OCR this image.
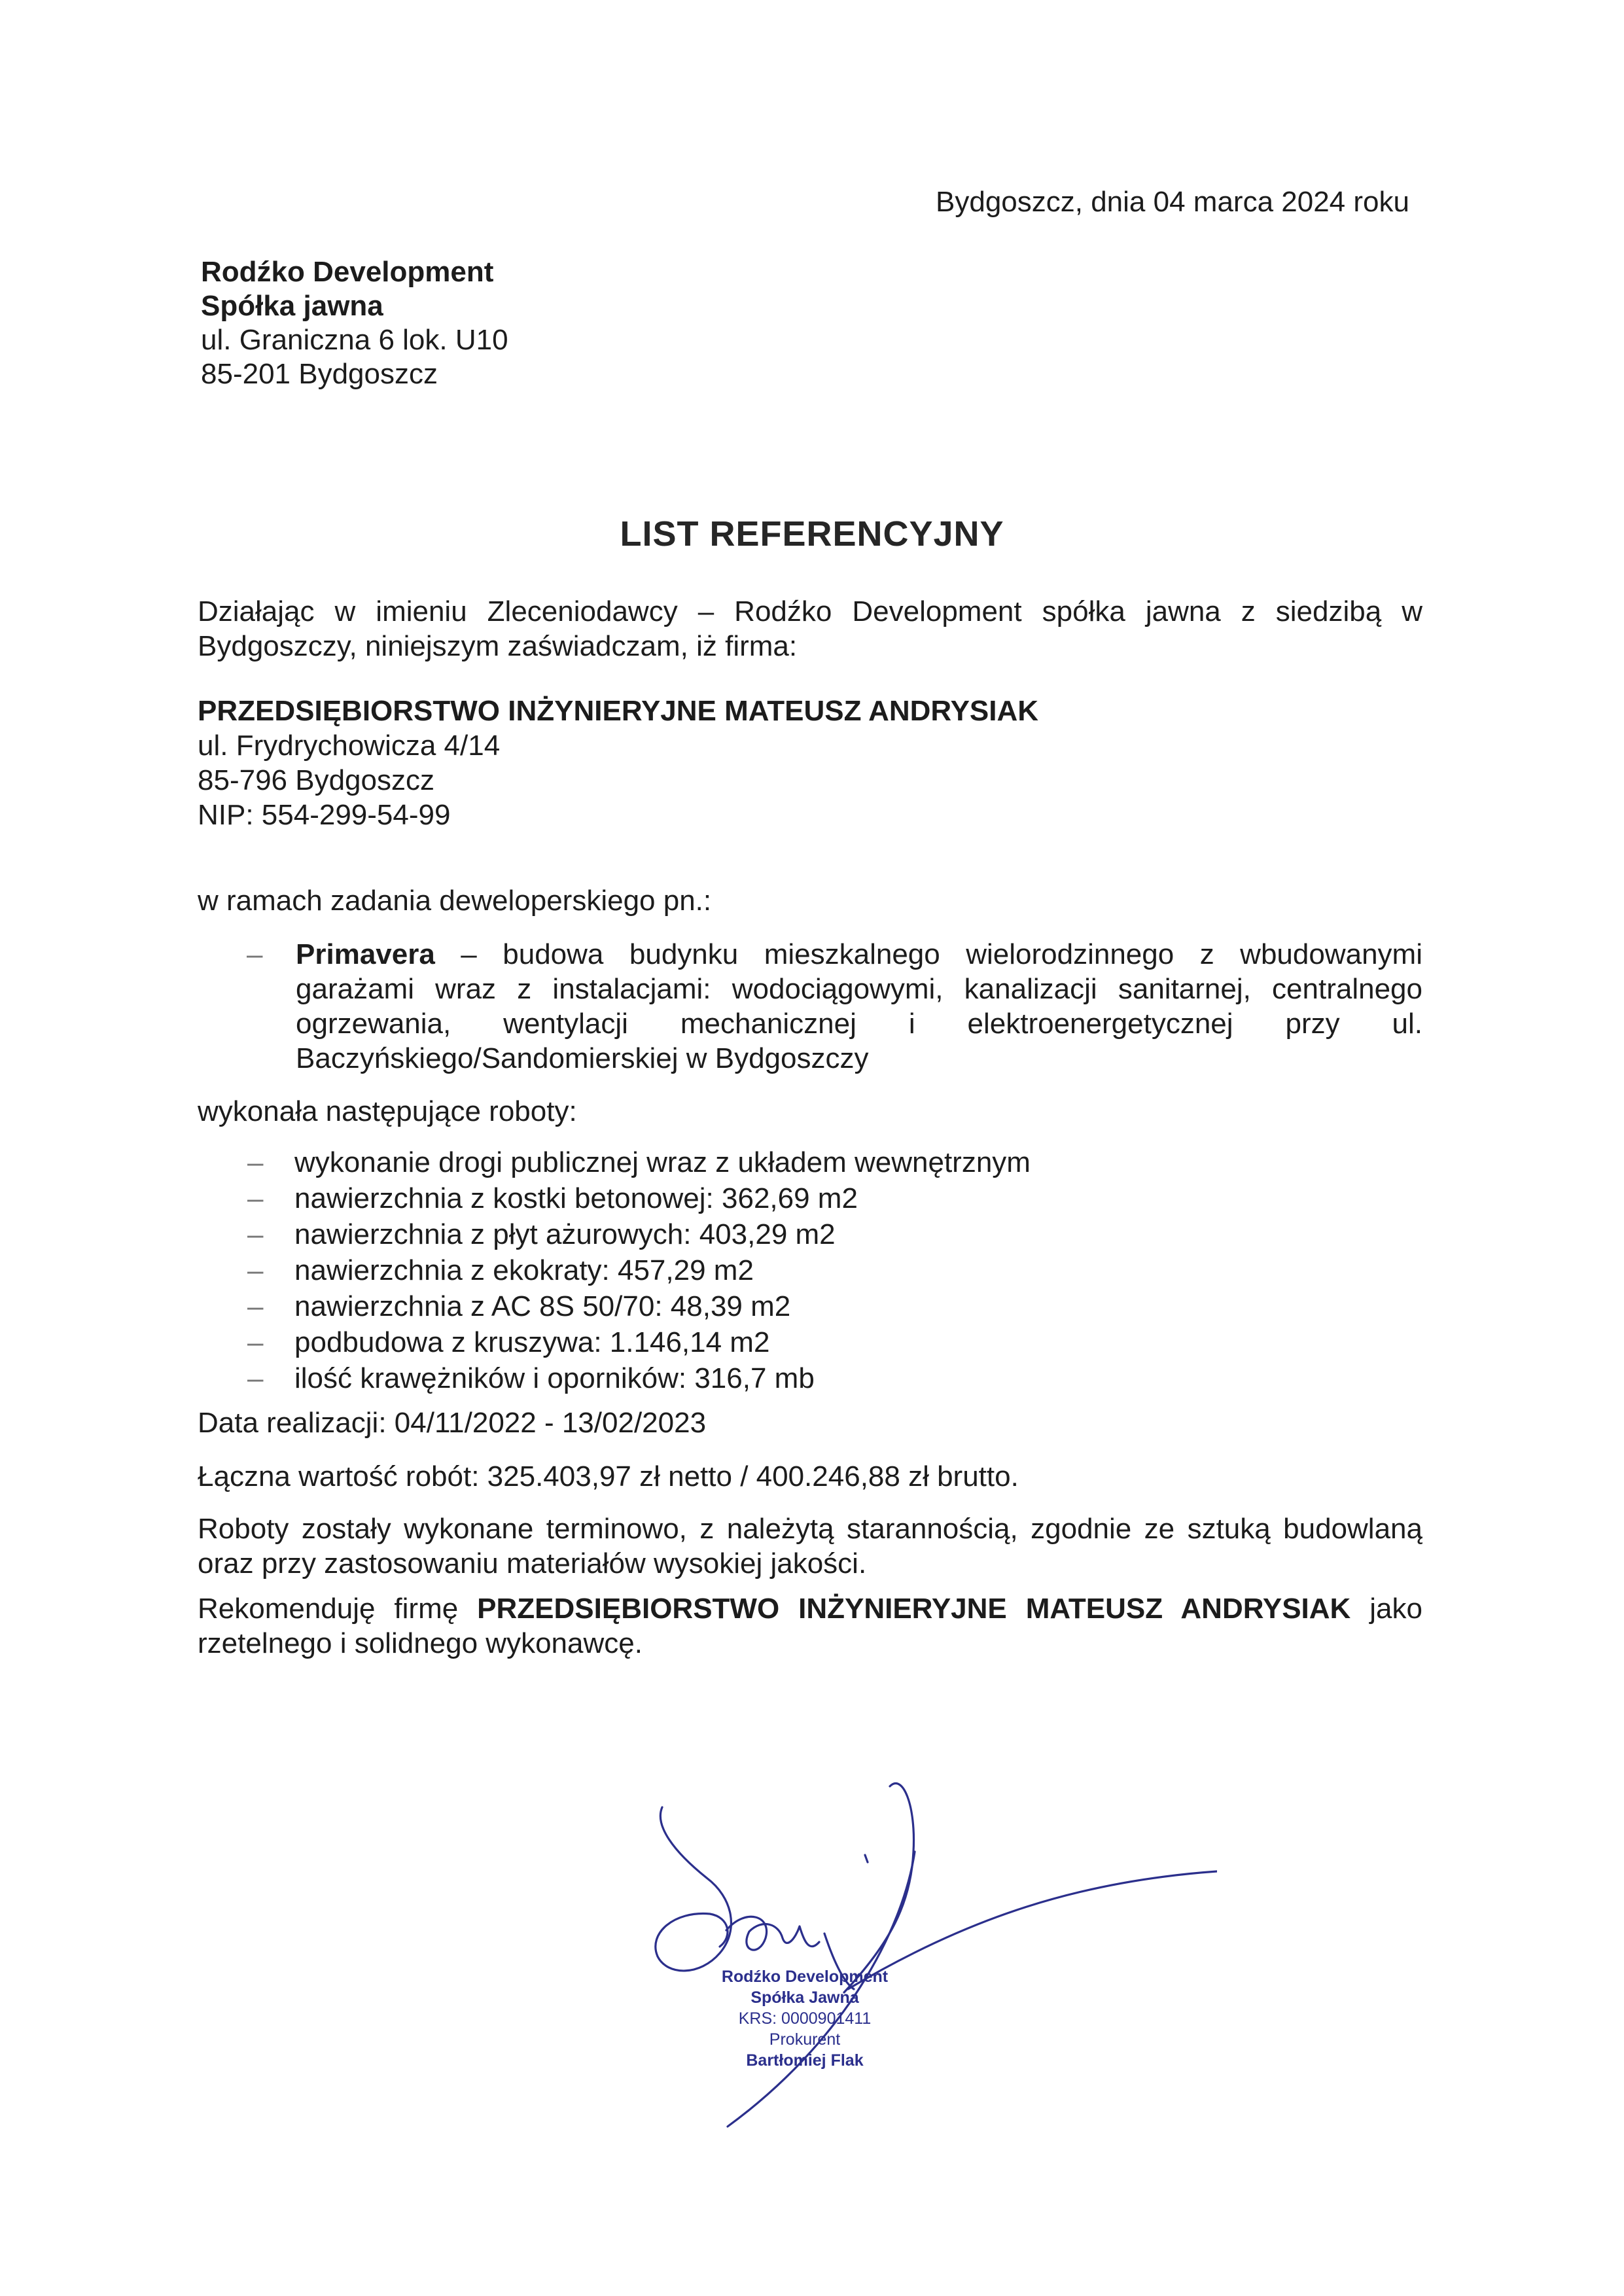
Bydgoszcz, dnia 04 marca 2024 roku
Rodźko Development
Spółka jawna
ul. Graniczna 6 lok. U10
85-201 Bydgoszcz
LIST REFERENCYJNY
Działając w imieniu Zleceniodawcy – Rodźko Development spółka jawna z siedzibą w Bydgoszczy, niniejszym zaświadczam, iż firma:
PRZEDSIĘBIORSTWO INŻYNIERYJNE MATEUSZ ANDRYSIAK
ul. Frydrychowicza 4/14
85-796 Bydgoszcz
NIP: 554-299-54-99
w ramach zadania deweloperskiego pn.:
– Primavera – budowa budynku mieszkalnego wielorodzinnego z wbudowanymi garażami wraz z instalacjami: wodociągowymi, kanalizacji sanitarnej, centralnego ogrzewania, wentylacji mechanicznej i elektroenergetycznej przy ul. Baczyńskiego/Sandomierskiej w Bydgoszczy
wykonała następujące roboty:
– wykonanie drogi publicznej wraz z układem wewnętrznym
– nawierzchnia z kostki betonowej: 362,69 m2
– nawierzchnia z płyt ażurowych: 403,29 m2
– nawierzchnia z ekokraty: 457,29 m2
– nawierzchnia z AC 8S 50/70: 48,39 m2
– podbudowa z kruszywa: 1.146,14 m2
– ilość krawężników i oporników: 316,7 mb
Data realizacji: 04/11/2022 - 13/02/2023
Łączna wartość robót: 325.403,97 zł netto / 400.246,88 zł brutto.
Roboty zostały wykonane terminowo, z należytą starannością, zgodnie ze sztuką budowlaną oraz przy zastosowaniu materiałów wysokiej jakości.
Rekomenduję firmę PRZEDSIĘBIORSTWO INŻYNIERYJNE MATEUSZ ANDRYSIAK jako rzetelnego i solidnego wykonawcę.
Rodźko Development
Spółka Jawna
KRS: 0000901411
Prokurent
Bartłomiej Flak
